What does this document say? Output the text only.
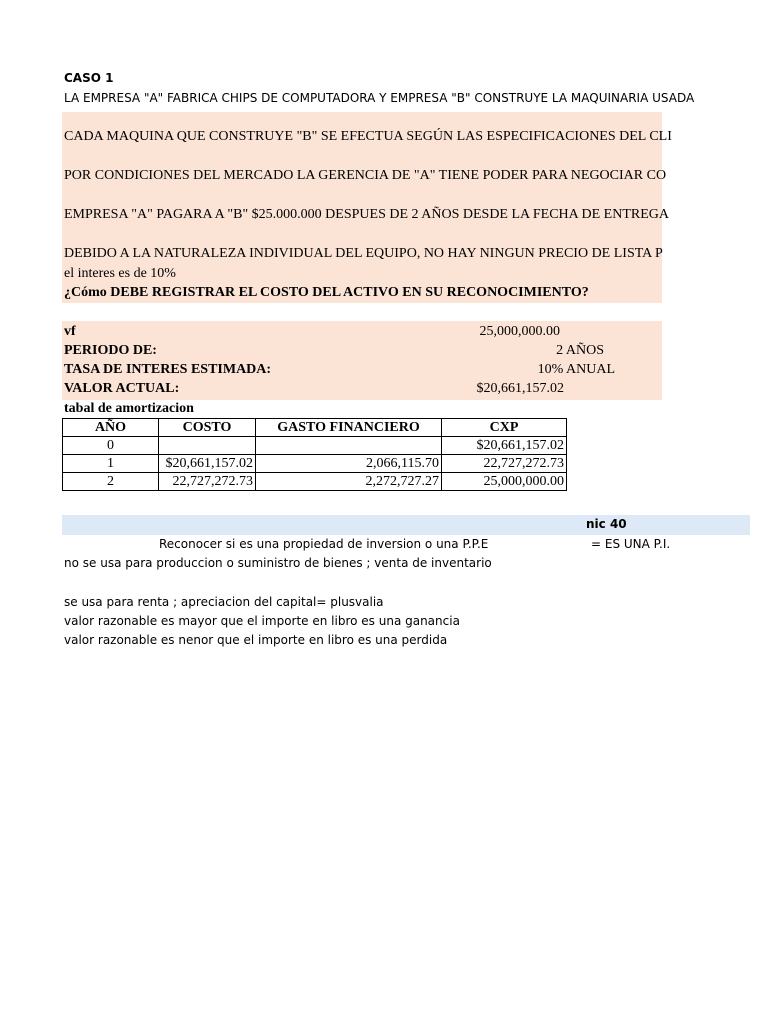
CASO 1
LA EMPRESA "A" FABRICA CHIPS DE COMPUTADORA Y EMPRESA "B" CONSTRUYE LA MAQUINARIA USADA
CADA MAQUINA QUE CONSTRUYE "B" SE EFECTUA SEGÚN LAS ESPECIFICACIONES DEL CLI
POR CONDICIONES DEL MERCADO LA GERENCIA DE "A" TIENE PODER PARA NEGOCIAR CO
EMPRESA "A" PAGARA A "B" $25.000.000 DESPUES DE 2 AÑOS DESDE LA FECHA DE ENTREGA
DEBIDO A LA NATURALEZA INDIVIDUAL DEL EQUIPO, NO HAY NINGUN PRECIO DE LISTA P
el interes es de 10%
¿Cómo DEBE REGISTRAR EL COSTO DEL ACTIVO EN SU RECONOCIMIENTO?
vf	25,000,000.00
PERIODO DE:	2 AÑOS
TASA DE INTERES ESTIMADA:	10% ANUAL
VALOR ACTUAL:	$20,661,157.02
tabal de amortizacion
AÑO	COSTO	GASTO FINANCIERO	CXP
0			$20,661,157.02
1	$20,661,157.02	2,066,115.70	22,727,272.73
2	22,727,272.73	2,272,727.27	25,000,000.00
nic 40
Reconocer si es una propiedad de inversion o una P.P.E	= ES UNA P.I.
no se usa para produccion o suministro de bienes ; venta de inventario
se usa para renta ; apreciacion del capital= plusvalia
valor razonable es mayor que el importe en libro es una ganancia
valor razonable es nenor que el importe en libro es una perdida
